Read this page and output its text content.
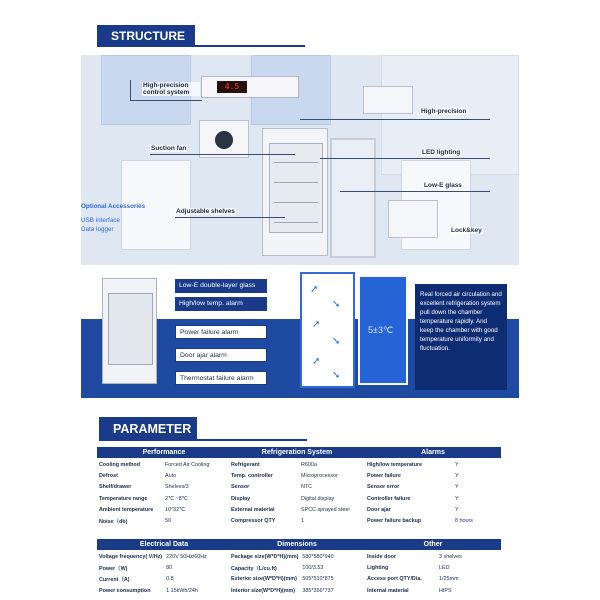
STRUCTURE
4.5
High-precision control system
High-precision
Suction fan
LED lighting
Low-E glass
Adjustable shelves
Lock&key
Optional Accessories
USB interface
Data logger
Low-E double-layer glass
High/low temp. alarm
Power failure alarm
Door ajar alarm
Thermostat failure alarm
➚
➘
➚
➘
➚
➘
5±3℃
Real forced air circulation and excellent refrigeration system pull down the chamber temperature rapidly. And keep the chamber with good temperature uniformity and fluctuation.
PARAMETER
Performance	Refrigeration System	Alarms
Cooling method	Forced Air Cooling
Defrost	Auto
Shelf/drawer	Shelves/3
Temperature range	2℃ ~8℃
Ambient temperature	10°32℃
Noise（db)	50
Refrigerant	R600a
Temp. controller	Microprocessor
Sensor	NTC
Display	Digital display
External material	SPCC sprayed steel
Compressor QTY	1
High/low temperature	Y
Power failure	Y
Sensor error	Y
Controller failure	Y
Door ajar	Y
Power failure backup	8 hours
Electrical Data	Dimensions	Other
Voltage frequency( V/Hz)	220V 50Hz/60Hz
Power（W)	80
Current（A)	0.8
Power consumption	1.15kWh/24h
Package size(W*D*H)(mm)	580*580*940
Capacity（L/cu.ft)	100/3.53
Exterior size(W*D*H)(mm)	505*510*875
Interior size(W*D*H)(mm)	385*356*737
Inside door	3 shelves
Lighting	LED
Access port QTY/Dia.	1/25mm
Internal material	HIPS
